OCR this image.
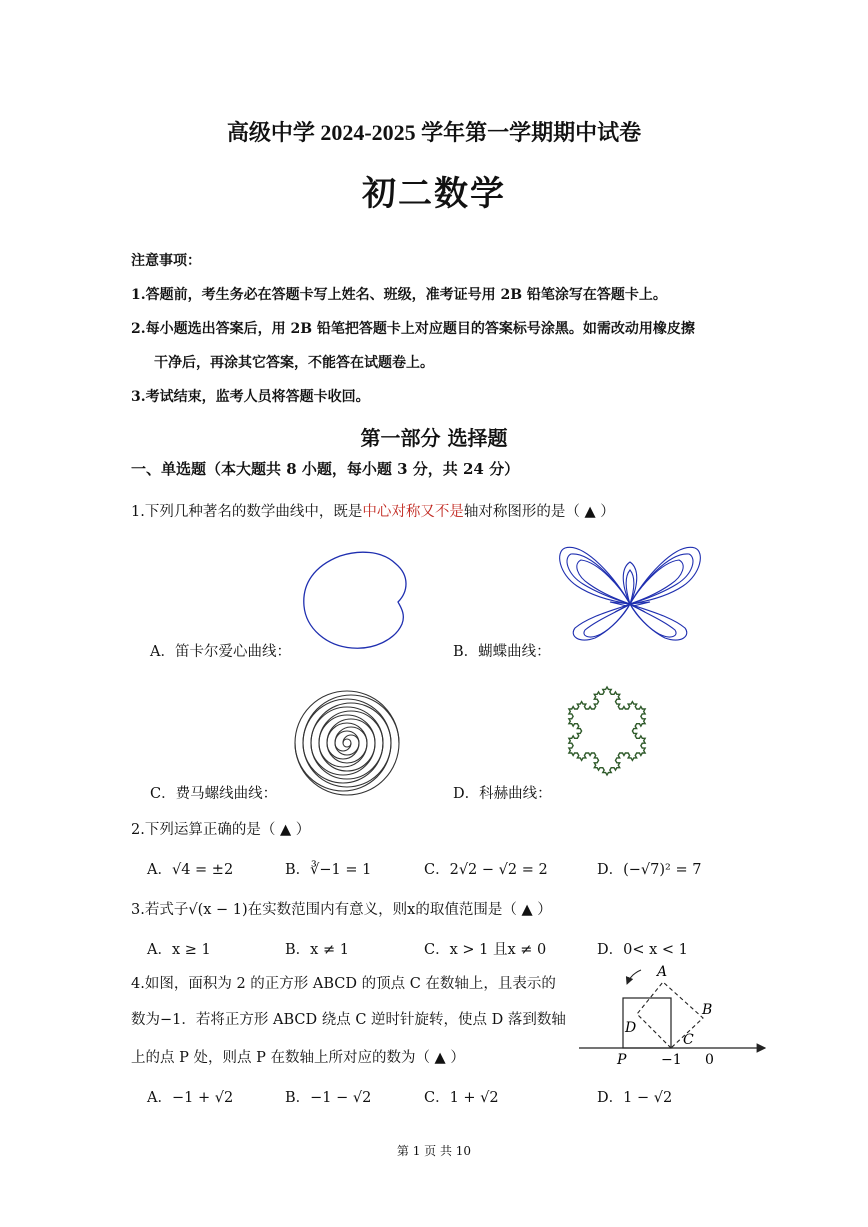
高级中学 2024-2025 学年第一学期期中试卷
初二数学
注意事项：
1.答题前，考生务必在答题卡写上姓名、班级，准考证号用 2B 铅笔涂写在答题卡上。
2.每小题选出答案后，用 2B 铅笔把答题卡上对应题目的答案标号涂黑。如需改动用橡皮擦
干净后，再涂其它答案，不能答在试题卷上。
3.考试结束，监考人员将答题卡收回。
第一部分 选择题
一、单选题（本大题共 8 小题，每小题 3 分，共 24 分）
1.下列几种著名的数学曲线中，既是中心对称又不是轴对称图形的是（ ▲ ）
A．笛卡尔爱心曲线：	B．蝴蝶曲线：
C．费马螺线曲线：	D．科赫曲线：
2.下列运算正确的是（ ▲ ）
A．√4 = ±2	B．∛−1 = 1	C．2√2 − √2 = 2	D．(−√7)² = 7
3.若式子√(x − 1)在实数范围内有意义，则x的取值范围是（ ▲ ）
A．x ≥ 1	B．x ≠ 1	C．x > 1 且x ≠ 0	D．0< x < 1
4.如图，面积为 2 的正方形 ABCD 的顶点 C 在数轴上，且表示的
数为−1．若将正方形 ABCD 绕点 C 逆时针旋转，使点 D 落到数轴
上的点 P 处，则点 P 在数轴上所对应的数为（ ▲ ）
A
B
C
D
P −1 0
A．−1 + √2	B．−1 − √2	C．1 + √2	D．1 − √2
第 1 页 共 10
